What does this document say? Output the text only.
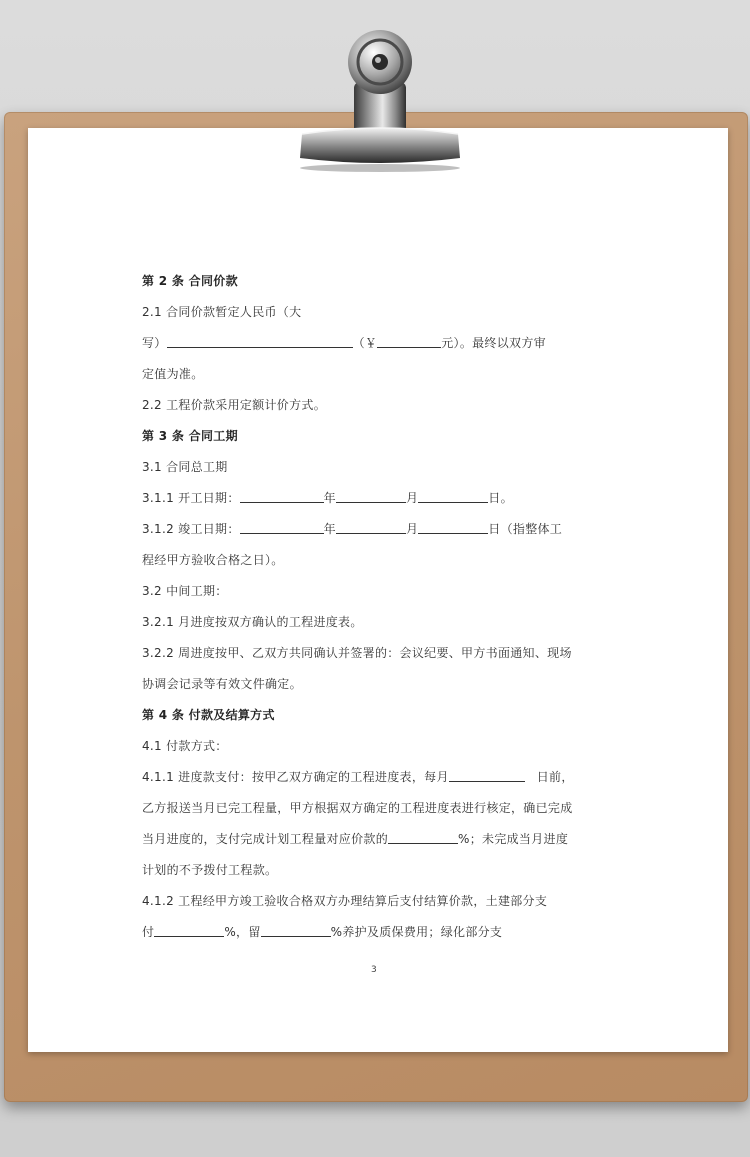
第 2 条 合同价款
2.1 合同价款暂定人民币（大
写）	（￥	元）。最终以双方审
定值为准。
2.2 工程价款采用定额计价方式。
第 3 条 合同工期
3.1 合同总工期
3.1.1 开工日期：	年	月	日。
3.1.2 竣工日期：	年	月	日（指整体工
程经甲方验收合格之日）。
3.2 中间工期：
3.2.1 月进度按双方确认的工程进度表。
3.2.2 周进度按甲、乙双方共同确认并签署的：会议纪要、甲方书面通知、现场
协调会记录等有效文件确定。
第 4 条 付款及结算方式
4.1 付款方式：
4.1.1 进度款支付：按甲乙双方确定的工程进度表，每月	日前，
乙方报送当月已完工程量，甲方根据双方确定的工程进度表进行核定，确已完成
当月进度的，支付完成计划工程量对应价款的	%；未完成当月进度
计划的不予拨付工程款。
4.1.2 工程经甲方竣工验收合格双方办理结算后支付结算价款，土建部分支
付	%，留	%养护及质保费用；绿化部分支
3
